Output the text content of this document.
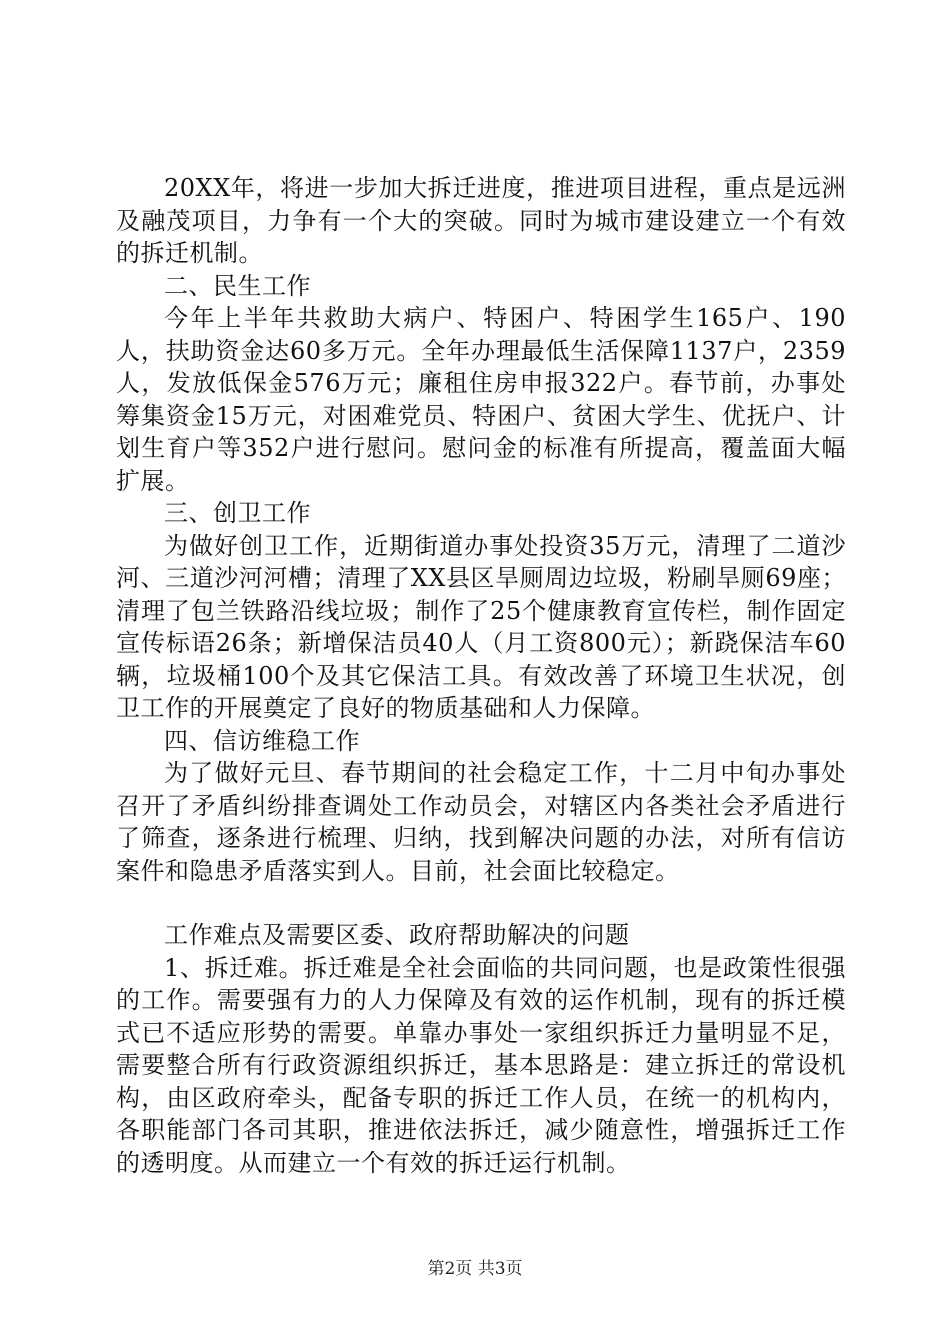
20XX年，将进一步加大拆迁进度，推进项目进程，重点是远洲及融茂项目，力争有一个大的突破。同时为城市建设建立一个有效的拆迁机制。

二、民生工作

今年上半年共救助大病户、特困户、特困学生165户、190人，扶助资金达60多万元。全年办理最低生活保障1137户，2359人，发放低保金576万元；廉租住房申报322户。春节前，办事处筹集资金15万元，对困难党员、特困户、贫困大学生、优抚户、计划生育户等352户进行慰问。慰问金的标准有所提高，覆盖面大幅扩展。

三、创卫工作

为做好创卫工作，近期街道办事处投资35万元，清理了二道沙河、三道沙河河槽；清理了XX县区旱厕周边垃圾，粉刷旱厕69座；清理了包兰铁路沿线垃圾；制作了25个健康教育宣传栏，制作固定宣传标语26条；新增保洁员40人（月工资800元）；新跷保洁车60辆，垃圾桶100个及其它保洁工具。有效改善了环境卫生状况，创卫工作的开展奠定了良好的物质基础和人力保障。

四、信访维稳工作

为了做好元旦、春节期间的社会稳定工作，十二月中旬办事处召开了矛盾纠纷排查调处工作动员会，对辖区内各类社会矛盾进行了筛查，逐条进行梳理、归纳，找到解决问题的办法，对所有信访案件和隐患矛盾落实到人。目前，社会面比较稳定。

工作难点及需要区委、政府帮助解决的问题

1、拆迁难。拆迁难是全社会面临的共同问题，也是政策性很强的工作。需要强有力的人力保障及有效的运作机制，现有的拆迁模式已不适应形势的需要。单靠办事处一家组织拆迁力量明显不足，需要整合所有行政资源组织拆迁，基本思路是：建立拆迁的常设机构，由区政府牵头，配备专职的拆迁工作人员，在统一的机构内，各职能部门各司其职，推进依法拆迁，减少随意性，增强拆迁工作的透明度。从而建立一个有效的拆迁运行机制。

第2页 共3页
